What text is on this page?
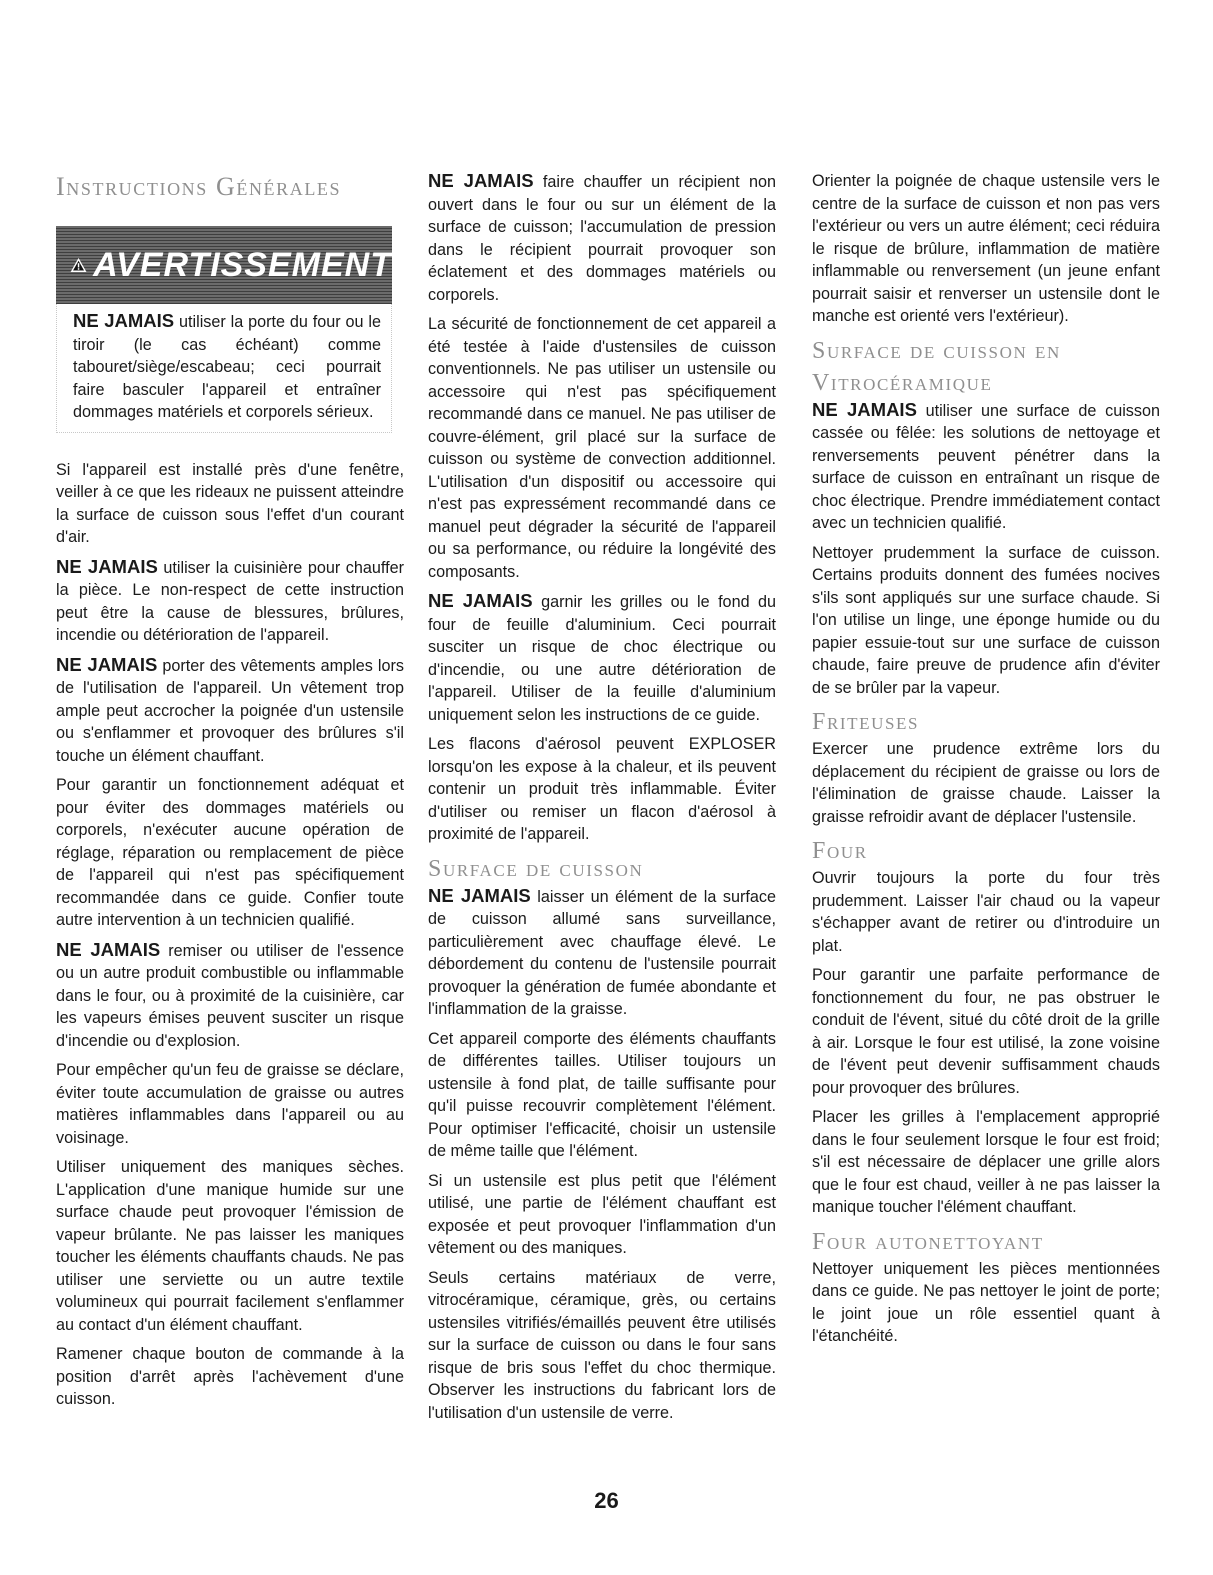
Instructions Générales
AVERTISSEMENT

NE JAMAIS utiliser la porte du four ou le tiroir (le cas échéant) comme tabouret/siège/escabeau; ceci pourrait faire basculer l'appareil et entraîner dommages matériels et corporels sérieux.

Si l'appareil est installé près d'une fenêtre, veiller à ce que les rideaux ne puissent atteindre la surface de cuisson sous l'effet d'un courant d'air.

NE JAMAIS utiliser la cuisinière pour chauffer la pièce. Le non-respect de cette instruction peut être la cause de blessures, brûlures, incendie ou détérioration de l'appareil.

NE JAMAIS porter des vêtements amples lors de l'utilisation de l'appareil. Un vêtement trop ample peut accrocher la poignée d'un ustensile ou s'enflammer et provoquer des brûlures s'il touche un élément chauffant.

Pour garantir un fonctionnement adéquat et pour éviter des dommages matériels ou corporels, n'exécuter aucune opération de réglage, réparation ou remplacement de pièce de l'appareil qui n'est pas spécifiquement recommandée dans ce guide. Confier toute autre intervention à un technicien qualifié.

NE JAMAIS remiser ou utiliser de l'essence ou un autre produit combustible ou inflammable dans le four, ou à proximité de la cuisinière, car les vapeurs émises peuvent susciter un risque d'incendie ou d'explosion.

Pour empêcher qu'un feu de graisse se déclare, éviter toute accumulation de graisse ou autres matières inflammables dans l'appareil ou au voisinage.

Utiliser uniquement des maniques sèches. L'application d'une manique humide sur une surface chaude peut provoquer l'émission de vapeur brûlante. Ne pas laisser les maniques toucher les éléments chauffants chauds. Ne pas utiliser une serviette ou un autre textile volumineux qui pourrait facilement s'enflammer au contact d'un élément chauffant.

Ramener chaque bouton de commande à la position d'arrêt après l'achèvement d'une cuisson.

NE JAMAIS faire chauffer un récipient non ouvert dans le four ou sur un élément de la surface de cuisson; l'accumulation de pression dans le récipient pourrait provoquer son éclatement et des dommages matériels ou corporels.

La sécurité de fonctionnement de cet appareil a été testée à l'aide d'ustensiles de cuisson conventionnels. Ne pas utiliser un ustensile ou accessoire qui n'est pas spécifiquement recommandé dans ce manuel. Ne pas utiliser de couvre-élément, gril placé sur la surface de cuisson ou système de convection additionnel. L'utilisation d'un dispositif ou accessoire qui n'est pas expressément recommandé dans ce manuel peut dégrader la sécurité de l'appareil ou sa performance, ou réduire la longévité des composants.

NE JAMAIS garnir les grilles ou le fond du four de feuille d'aluminium. Ceci pourrait susciter un risque de choc électrique ou d'incendie, ou une autre détérioration de l'appareil. Utiliser de la feuille d'aluminium uniquement selon les instructions de ce guide.

Les flacons d'aérosol peuvent EXPLOSER lorsqu'on les expose à la chaleur, et ils peuvent contenir un produit très inflammable. Éviter d'utiliser ou remiser un flacon d'aérosol à proximité de l'appareil.

Surface de cuisson

NE JAMAIS laisser un élément de la surface de cuisson allumé sans surveillance, particulièrement avec chauffage élevé. Le débordement du contenu de l'ustensile pourrait provoquer la génération de fumée abondante et l'inflammation de la graisse.

Cet appareil comporte des éléments chauffants de différentes tailles. Utiliser toujours un ustensile à fond plat, de taille suffisante pour qu'il puisse recouvrir complètement l'élément. Pour optimiser l'efficacité, choisir un ustensile de même taille que l'élément.

Si un ustensile est plus petit que l'élément utilisé, une partie de l'élément chauffant est exposée et peut provoquer l'inflammation d'un vêtement ou des maniques.

Seuls certains matériaux de verre, vitrocéramique, céramique, grès, ou certains ustensiles vitrifiés/émaillés peuvent être utilisés sur la surface de cuisson ou dans le four sans risque de bris sous l'effet du choc thermique. Observer les instructions du fabricant lors de l'utilisation d'un ustensile de verre.

Orienter la poignée de chaque ustensile vers le centre de la surface de cuisson et non pas vers l'extérieur ou vers un autre élément; ceci réduira le risque de brûlure, inflammation de matière inflammable ou renversement (un jeune enfant pourrait saisir et renverser un ustensile dont le manche est orienté vers l'extérieur).

Surface de cuisson en Vitrocéramique

NE JAMAIS utiliser une surface de cuisson cassée ou fêlée: les solutions de nettoyage et renversements peuvent pénétrer dans la surface de cuisson en entraînant un risque de choc électrique. Prendre immédiatement contact avec un technicien qualifié.

Nettoyer prudemment la surface de cuisson. Certains produits donnent des fumées nocives s'ils sont appliqués sur une surface chaude. Si l'on utilise un linge, une éponge humide ou du papier essuie-tout sur une surface de cuisson chaude, faire preuve de prudence afin d'éviter de se brûler par la vapeur.

Friteuses

Exercer une prudence extrême lors du déplacement du récipient de graisse ou lors de l'élimination de graisse chaude. Laisser la graisse refroidir avant de déplacer l'ustensile.

Four

Ouvrir toujours la porte du four très prudemment. Laisser l'air chaud ou la vapeur s'échapper avant de retirer ou d'introduire un plat.

Pour garantir une parfaite performance de fonctionnement du four, ne pas obstruer le conduit de l'évent, situé du côté droit de la grille à air. Lorsque le four est utilisé, la zone voisine de l'évent peut devenir suffisamment chauds pour provoquer des brûlures.

Placer les grilles à l'emplacement approprié dans le four seulement lorsque le four est froid; s'il est nécessaire de déplacer une grille alors que le four est chaud, veiller à ne pas laisser la manique toucher l'élément chauffant.

Four autonettoyant

Nettoyer uniquement les pièces mentionnées dans ce guide. Ne pas nettoyer le joint de porte; le joint joue un rôle essentiel quant à l'étanchéité.

26
